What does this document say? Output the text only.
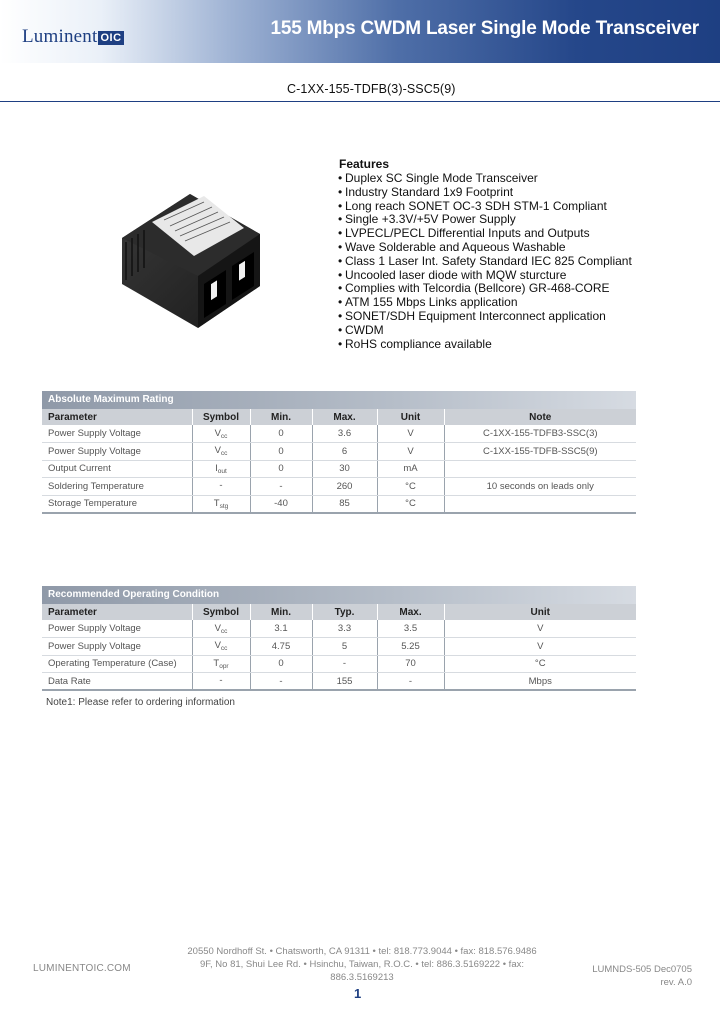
Luminent OIC	155 Mbps CWDM Laser Single Mode Transceiver
C-1XX-155-TDFB(3)-SSC5(9)
Features
• Duplex SC Single Mode Transceiver
• Industry Standard 1x9 Footprint
• Long reach SONET OC-3 SDH STM-1 Compliant
• Single +3.3V/+5V Power Supply
• LVPECL/PECL Differential Inputs and Outputs
• Wave Solderable and Aqueous Washable
• Class 1 Laser Int. Safety Standard IEC 825 Compliant
• Uncooled laser diode with MQW sturcture
• Complies with Telcordia (Bellcore) GR-468-CORE
• ATM 155 Mbps Links application
• SONET/SDH Equipment Interconnect application
• CWDM
• RoHS compliance available
Absolute Maximum Rating
Parameter	Symbol	Min.	Max.	Unit	Note
Power Supply Voltage	$V_{cc}$	0	3.6	V	C-1XX-155-TDFB3-SSC(3)
Power Supply Voltage	$V_{cc}$	0	6	V	C-1XX-155-TDFB-SSC5(9)
Output Current	$I_{out}$	0	30	mA	
Soldering Temperature	-	-	260	°C	10 seconds on leads only
Storage Temperature	$T_{stg}$	-40	85	°C	
Recommended Operating Condition
Parameter	Symbol	Min.	Typ.	Max.	Unit
Power Supply Voltage	$V_{cc}$	3.1	3.3	3.5	V
Power Supply Voltage	$V_{cc}$	4.75	5	5.25	V
Operating Temperature (Case)	$T_{opr}$	0	-	70	°C
Data Rate	-	-	155	-	Mbps
Note1: Please refer to ordering information
LUMINENTOIC.COM
20550 Nordhoff St. • Chatsworth, CA 91311 • tel: 818.773.9044 • fax: 818.576.9486
9F, No 81, Shui Lee Rd. • Hsinchu, Taiwan, R.O.C. • tel: 886.3.5169222 • fax: 886.3.5169213
LUMNDS-505 Dec0705
rev. A.0
1
